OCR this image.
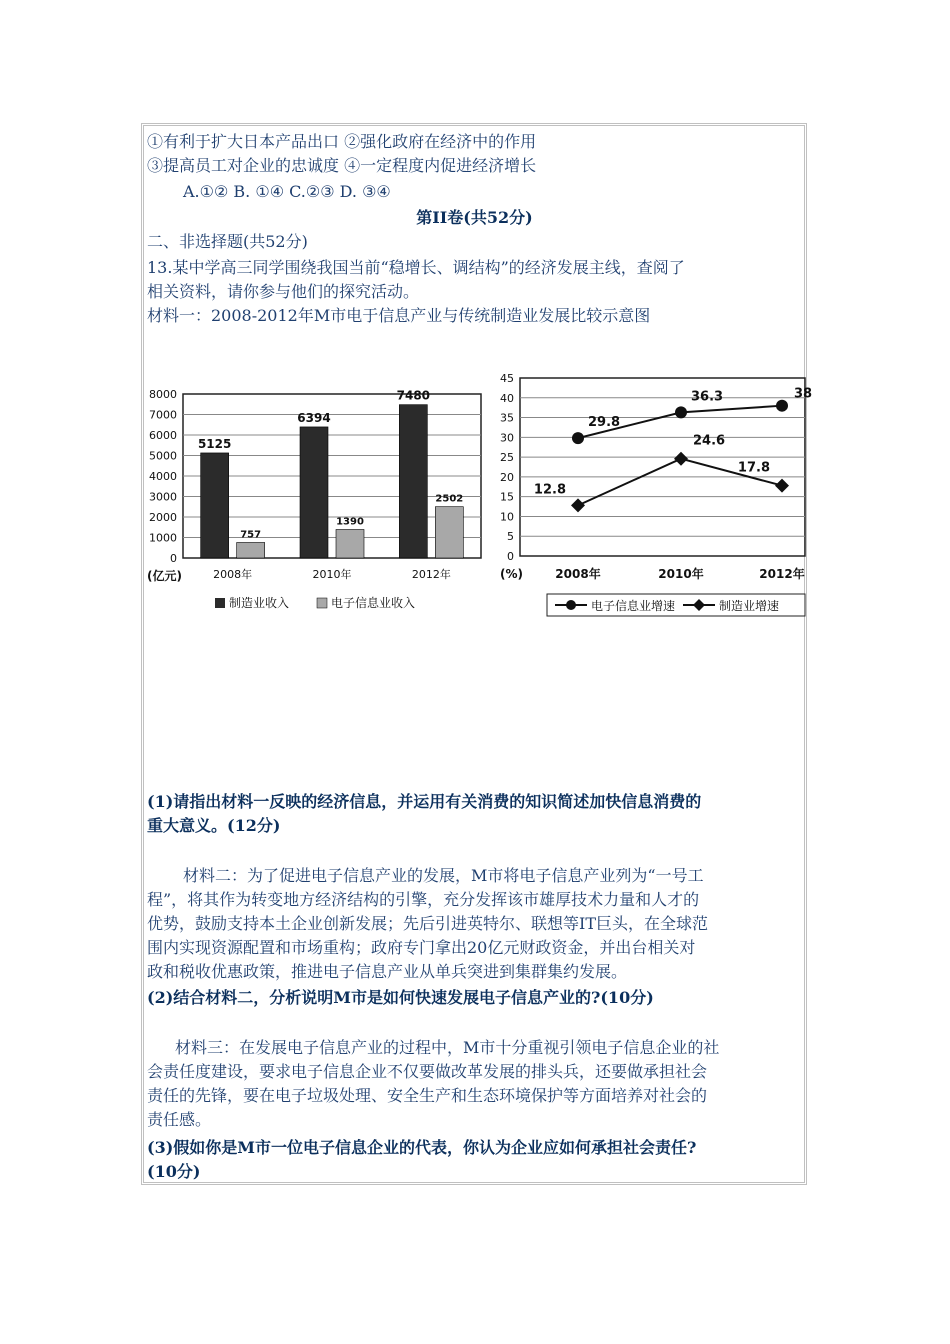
①有利于扩大日本产品出口 ②强化政府在经济中的作用
③提高员工对企业的忠诚度 ④一定程度内促进经济增长
A.①② B. ①④ C.②③ D. ③④
第II卷(共52分)
二、非选择题(共52分)
13.某中学高三同学围绕我国当前“稳增长、调结构”的经济发展主线，查阅了
相关资料，请你参与他们的探究活动。
材料一：2008-2012年M市电于信息产业与传统制造业发展比较示意图
0
1000
2000
3000
4000
5000
6000
7000
8000
5125
757
2008年
6394
1390
2010年
7480
2502
2012年
(亿元)
制造业收入	电子信息业收入
0
5
10
15
20
25
30
35
40
45
2008年	2010年	2012年
(%)
29.8
36.3	38
12.8
24.6
17.8
电子信息业增速	制造业增速
(1)请指出材料一反映的经济信息，并运用有关消费的知识简述加快信息消费的
重大意义。(12分)
材料二：为了促进电子信息产业的发展，M市将电子信息产业列为“一号工
程”，将其作为转变地方经济结构的引擎，充分发挥该市雄厚技术力量和人才的
优势，鼓励支持本土企业创新发展；先后引进英特尔、联想等IT巨头，在全球范
围内实现资源配置和市场重构；政府专门拿出20亿元财政资金，并出台相关对
政和税收优惠政策，推进电子信息产业从单兵突进到集群集约发展。
(2)结合材料二，分析说明M市是如何快速发展电子信息产业的?(10分)
材料三：在发展电子信息产业的过程中，M市十分重视引领电子信息企业的社
会责任度建设，要求电子信息企业不仅要做改革发展的排头兵，还要做承担社会
责任的先锋，要在电子垃圾处理、安全生产和生态环境保护等方面培养对社会的
责任感。
(3)假如你是M市一位电子信息企业的代表，你认为企业应如何承担社会责任?
(10分)
